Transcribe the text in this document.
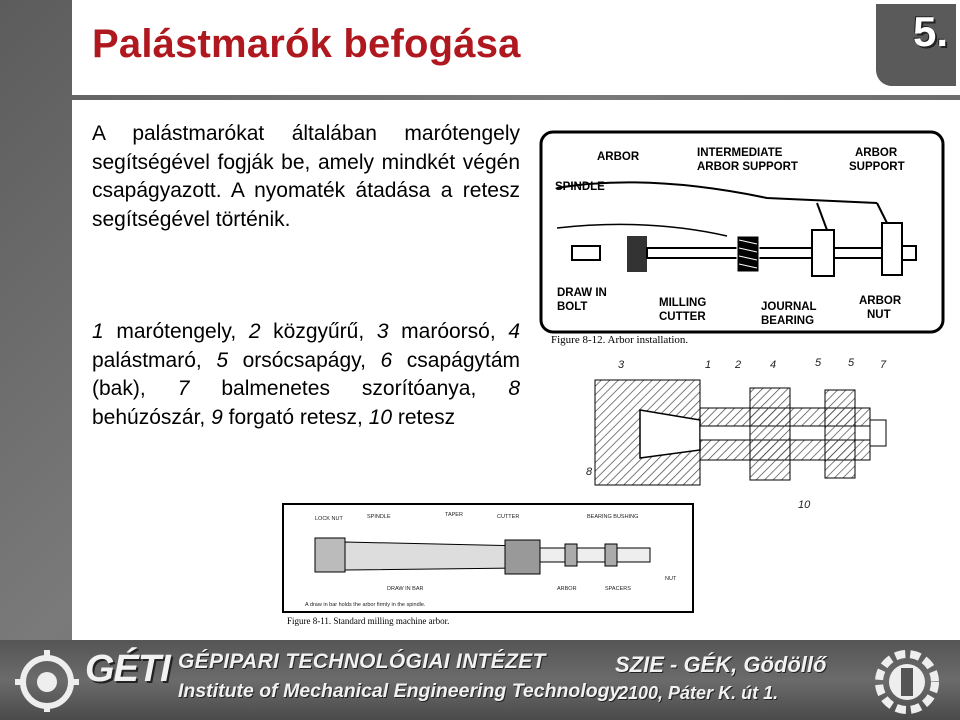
Palástmarók befogása	5.
A palástmarókat általában marótengely segítségével fogják be, amely mindkét végén csapágyazott. A nyomaték átadása a retesz segítségével történik.
1 marótengely, 2 közgyűrű, 3 maróorsó, 4 palástmaró, 5 orsócsapágy, 6 csapágytám (bak), 7 balmenetes szorítóanya, 8 behúzószár, 9 forgató retesz, 10 retesz
ARBOR	INTERMEDIATE
ARBOR SUPPORT
ARBOR
SUPPORT
SPINDLE
DRAW IN
BOLT	MILLING
CUTTER
JOURNAL
BEARING
ARBOR
NUT
Figure 8-12. Arbor installation.
3	1 2	4	5 5 7
8
10
LOCK NUT	SPINDLE	TAPER	CUTTER	BEARING BUSHING
DRAW IN BAR	ARBOR	SPACERS
NUT
A draw in bar holds the arbor firmly in the spindle.
Figure 8-11. Standard milling machine arbor.
GÉTI GÉPIPARI TECHNOLÓGIAI INTÉZET
Institute of Mechanical Engineering Technology
SZIE - GÉK, Gödöllő
2100, Páter K. út 1.
